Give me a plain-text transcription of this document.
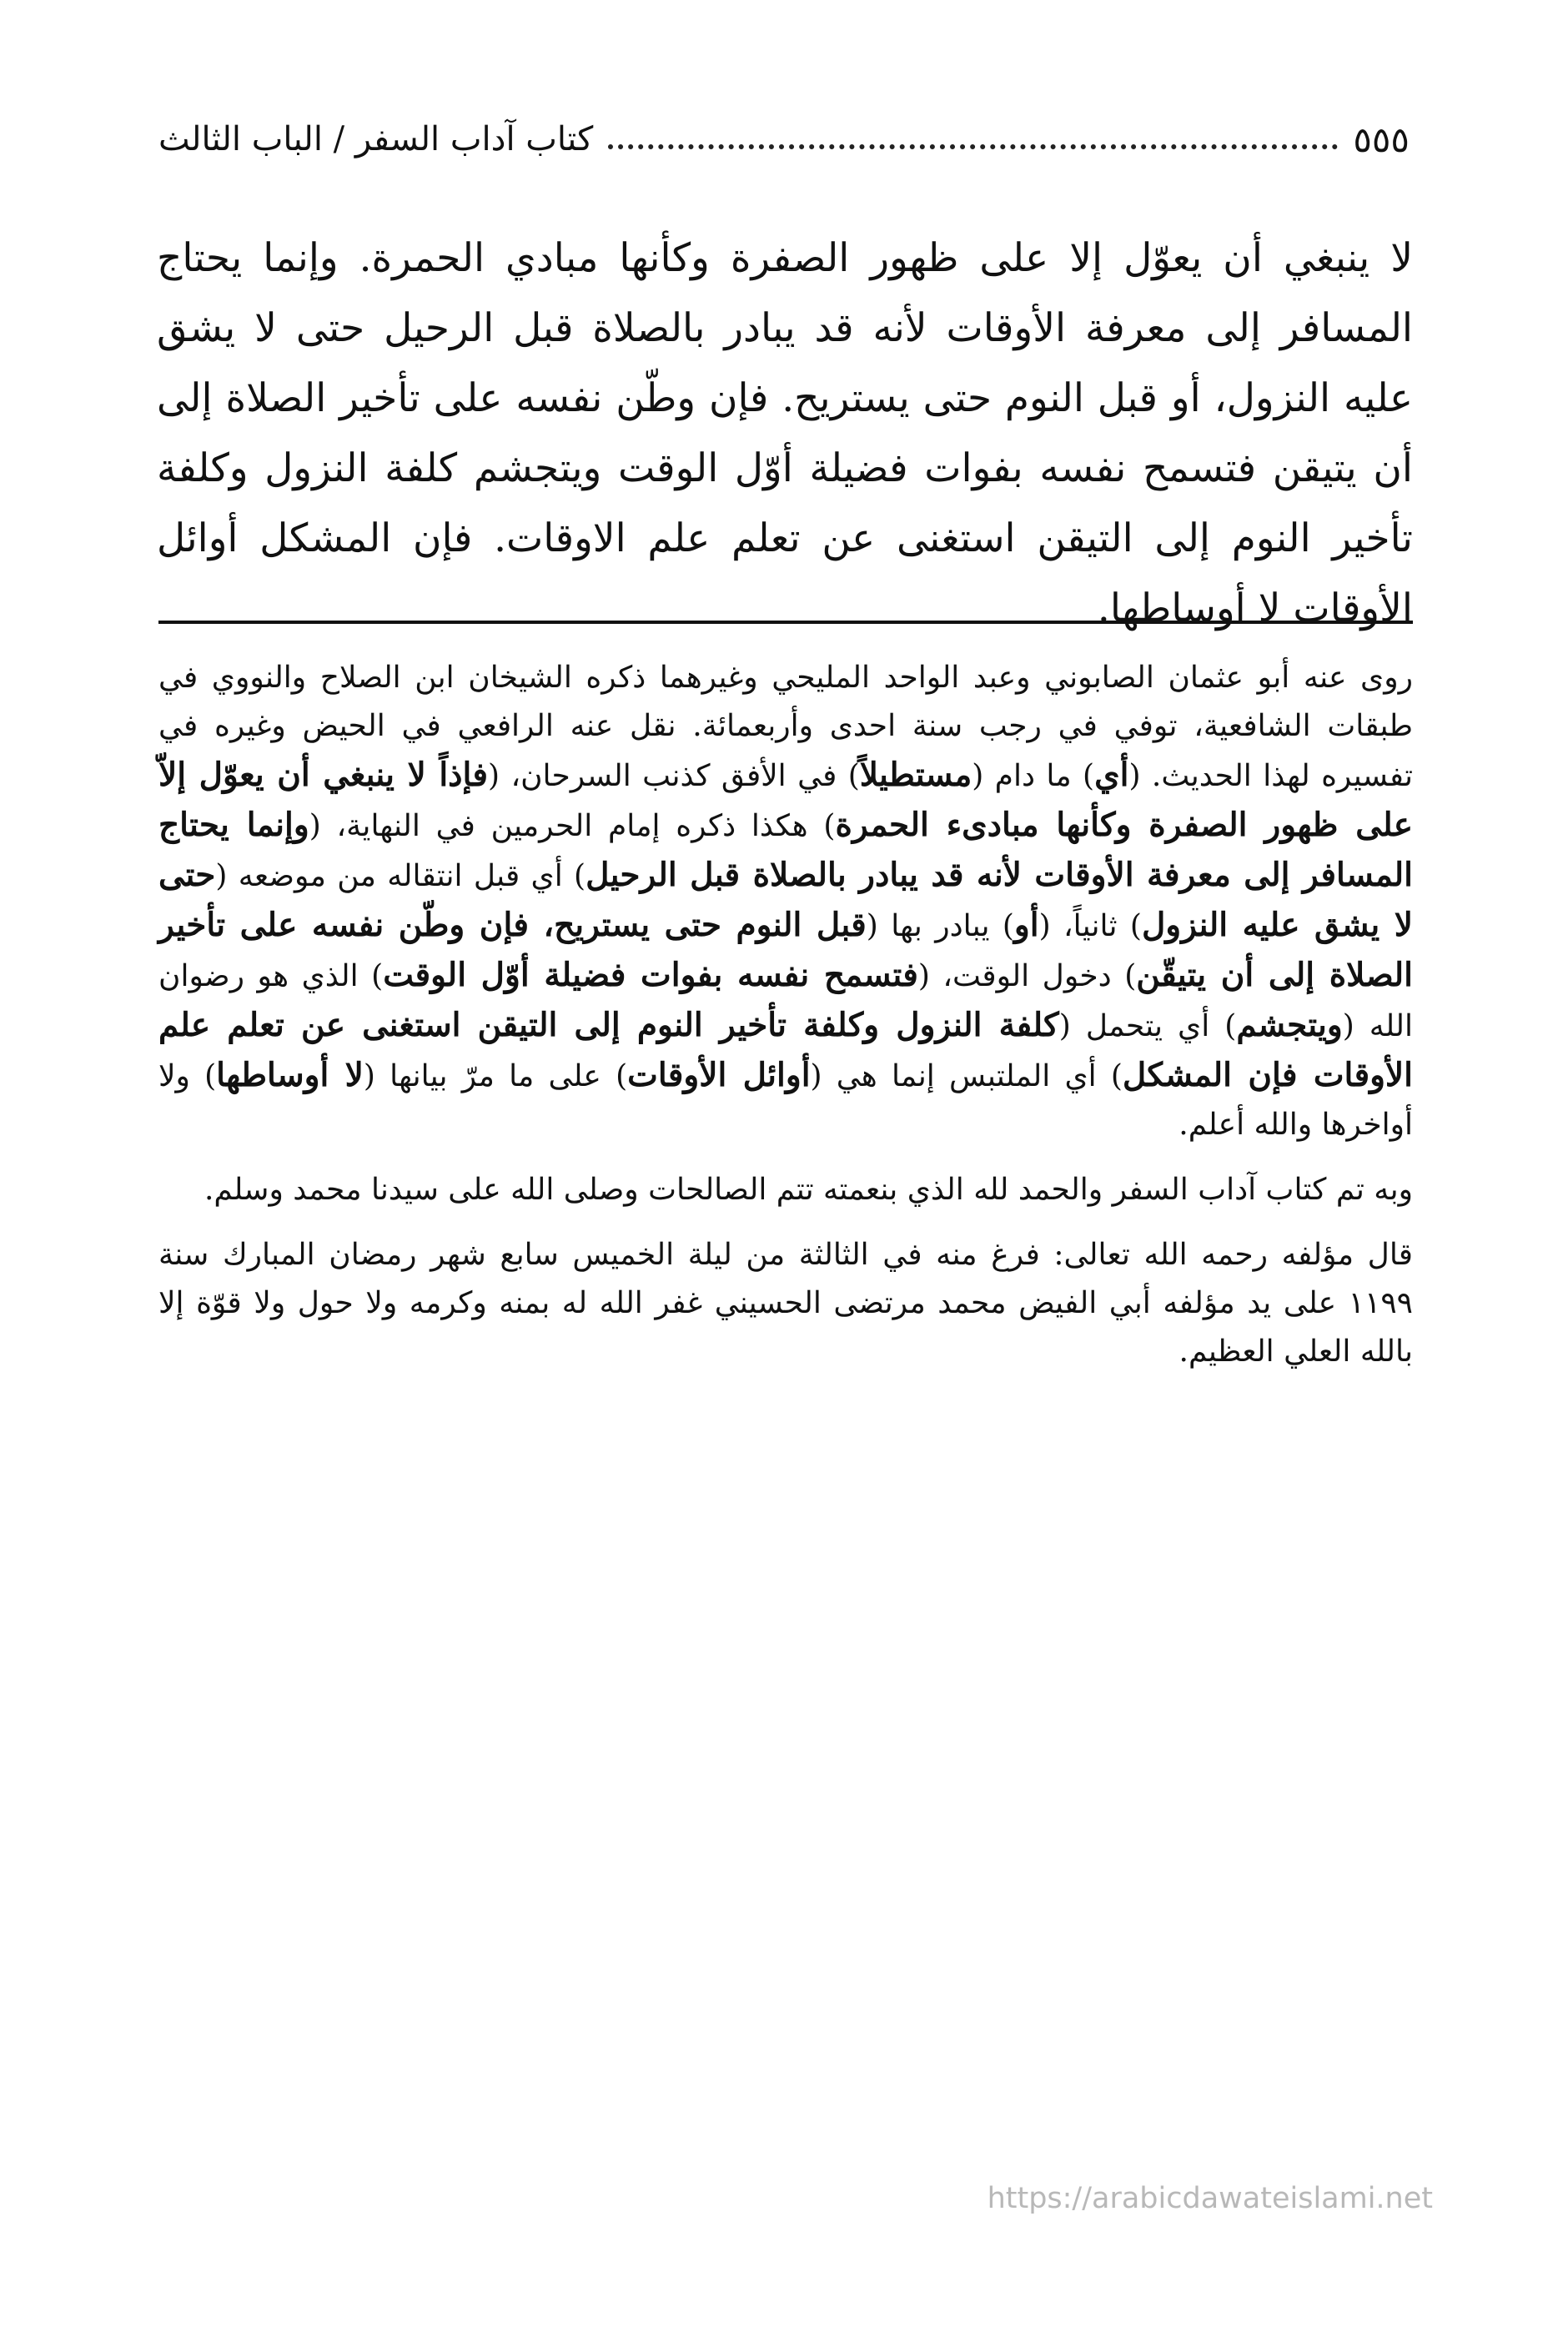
كتاب آداب السفر / الباب الثالث	٥٥٥

لا ينبغي أن يعوّل إلا على ظهور الصفرة وكأنها مبادي الحمرة. وإنما يحتاج المسافر إلى معرفة الأوقات لأنه قد يبادر بالصلاة قبل الرحيل حتى لا يشق عليه النزول، أو قبل النوم حتى يستريح. فإن وطّن نفسه على تأخير الصلاة إلى أن يتيقن فتسمح نفسه بفوات فضيلة أوّل الوقت ويتجشم كلفة النزول وكلفة تأخير النوم إلى التيقن استغنى عن تعلم علم الاوقات. فإن المشكل أوائل الأوقات لا أوساطها.

روى عنه أبو عثمان الصابوني وعبد الواحد المليحي وغيرهما ذكره الشيخان ابن الصلاح والنووي في طبقات الشافعية، توفي في رجب سنة احدى وأربعمائة. نقل عنه الرافعي في الحيض وغيره في تفسيره لهذا الحديث. (أي) ما دام (مستطيلاً) في الأفق كذنب السرحان، (فإذاً لا ينبغي أن يعوّل إلاّ على ظهور الصفرة وكأنها مبادىء الحمرة) هكذا ذكره إمام الحرمين في النهاية، (وإنما يحتاج المسافر إلى معرفة الأوقات لأنه قد يبادر بالصلاة قبل الرحيل) أي قبل انتقاله من موضعه (حتى لا يشق عليه النزول) ثانياً، (أو) يبادر بها (قبل النوم حتى يستريح، فإن وطّن نفسه على تأخير الصلاة إلى أن يتيقّن) دخول الوقت، (فتسمح نفسه بفوات فضيلة أوّل الوقت) الذي هو رضوان الله (ويتجشم) أي يتحمل (كلفة النزول وكلفة تأخير النوم إلى التيقن استغنى عن تعلم علم الأوقات فإن المشكل) أي الملتبس إنما هي (أوائل الأوقات) على ما مرّ بيانها (لا أوساطها) ولا أواخرها والله أعلم.

وبه تم كتاب آداب السفر والحمد لله الذي بنعمته تتم الصالحات وصلى الله على سيدنا محمد وسلم.

قال مؤلفه رحمه الله تعالى: فرغ منه في الثالثة من ليلة الخميس سابع شهر رمضان المبارك سنة ١١٩٩ على يد مؤلفه أبي الفيض محمد مرتضى الحسيني غفر الله له بمنه وكرمه ولا حول ولا قوّة إلا بالله العلي العظيم.

https://arabicdawateislami.net
